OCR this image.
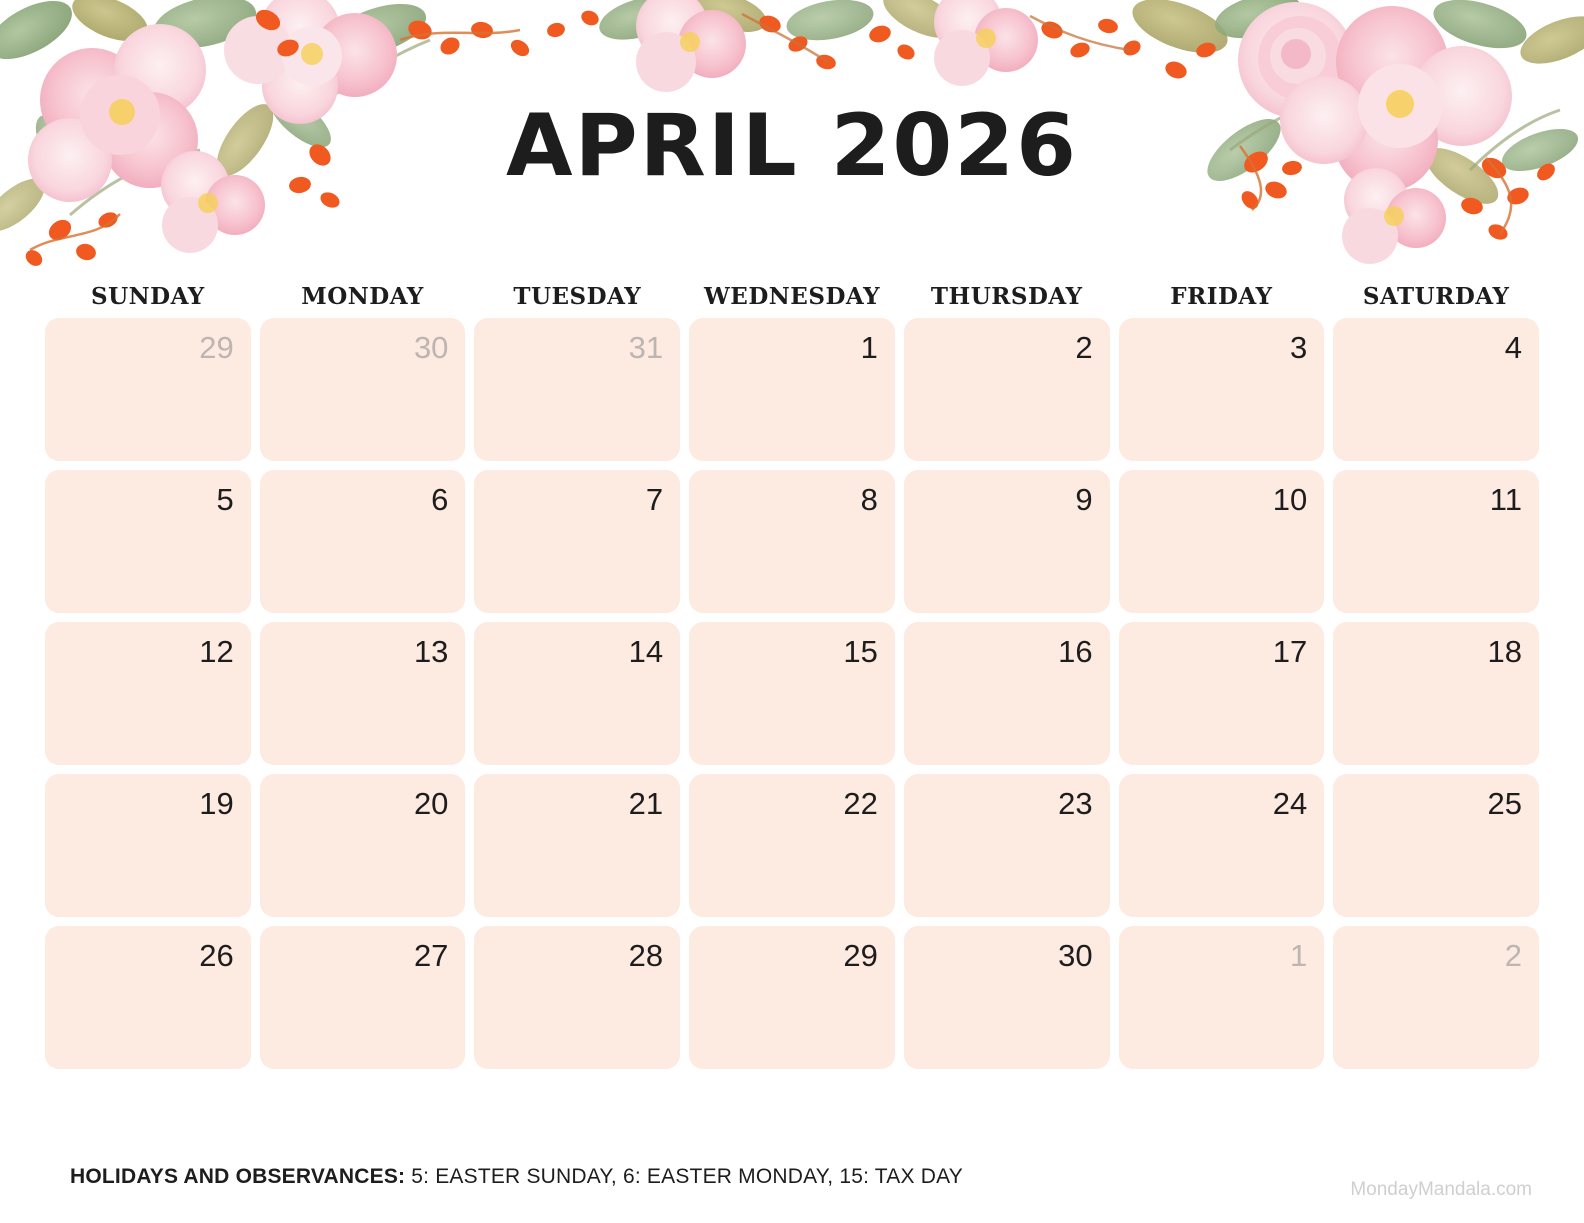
APRIL 2026
SUNDAY	MONDAY	TUESDAY	WEDNESDAY	THURSDAY	FRIDAY	SATURDAY
29	30	31	1	2	3	4
5	6	7	8	9	10	11
12	13	14	15	16	17	18
19	20	21	22	23	24	25
26	27	28	29	30	1	2
HOLIDAYS AND OBSERVANCES: 5: EASTER SUNDAY, 6: EASTER MONDAY, 15: TAX DAY
MondayMandala.com
